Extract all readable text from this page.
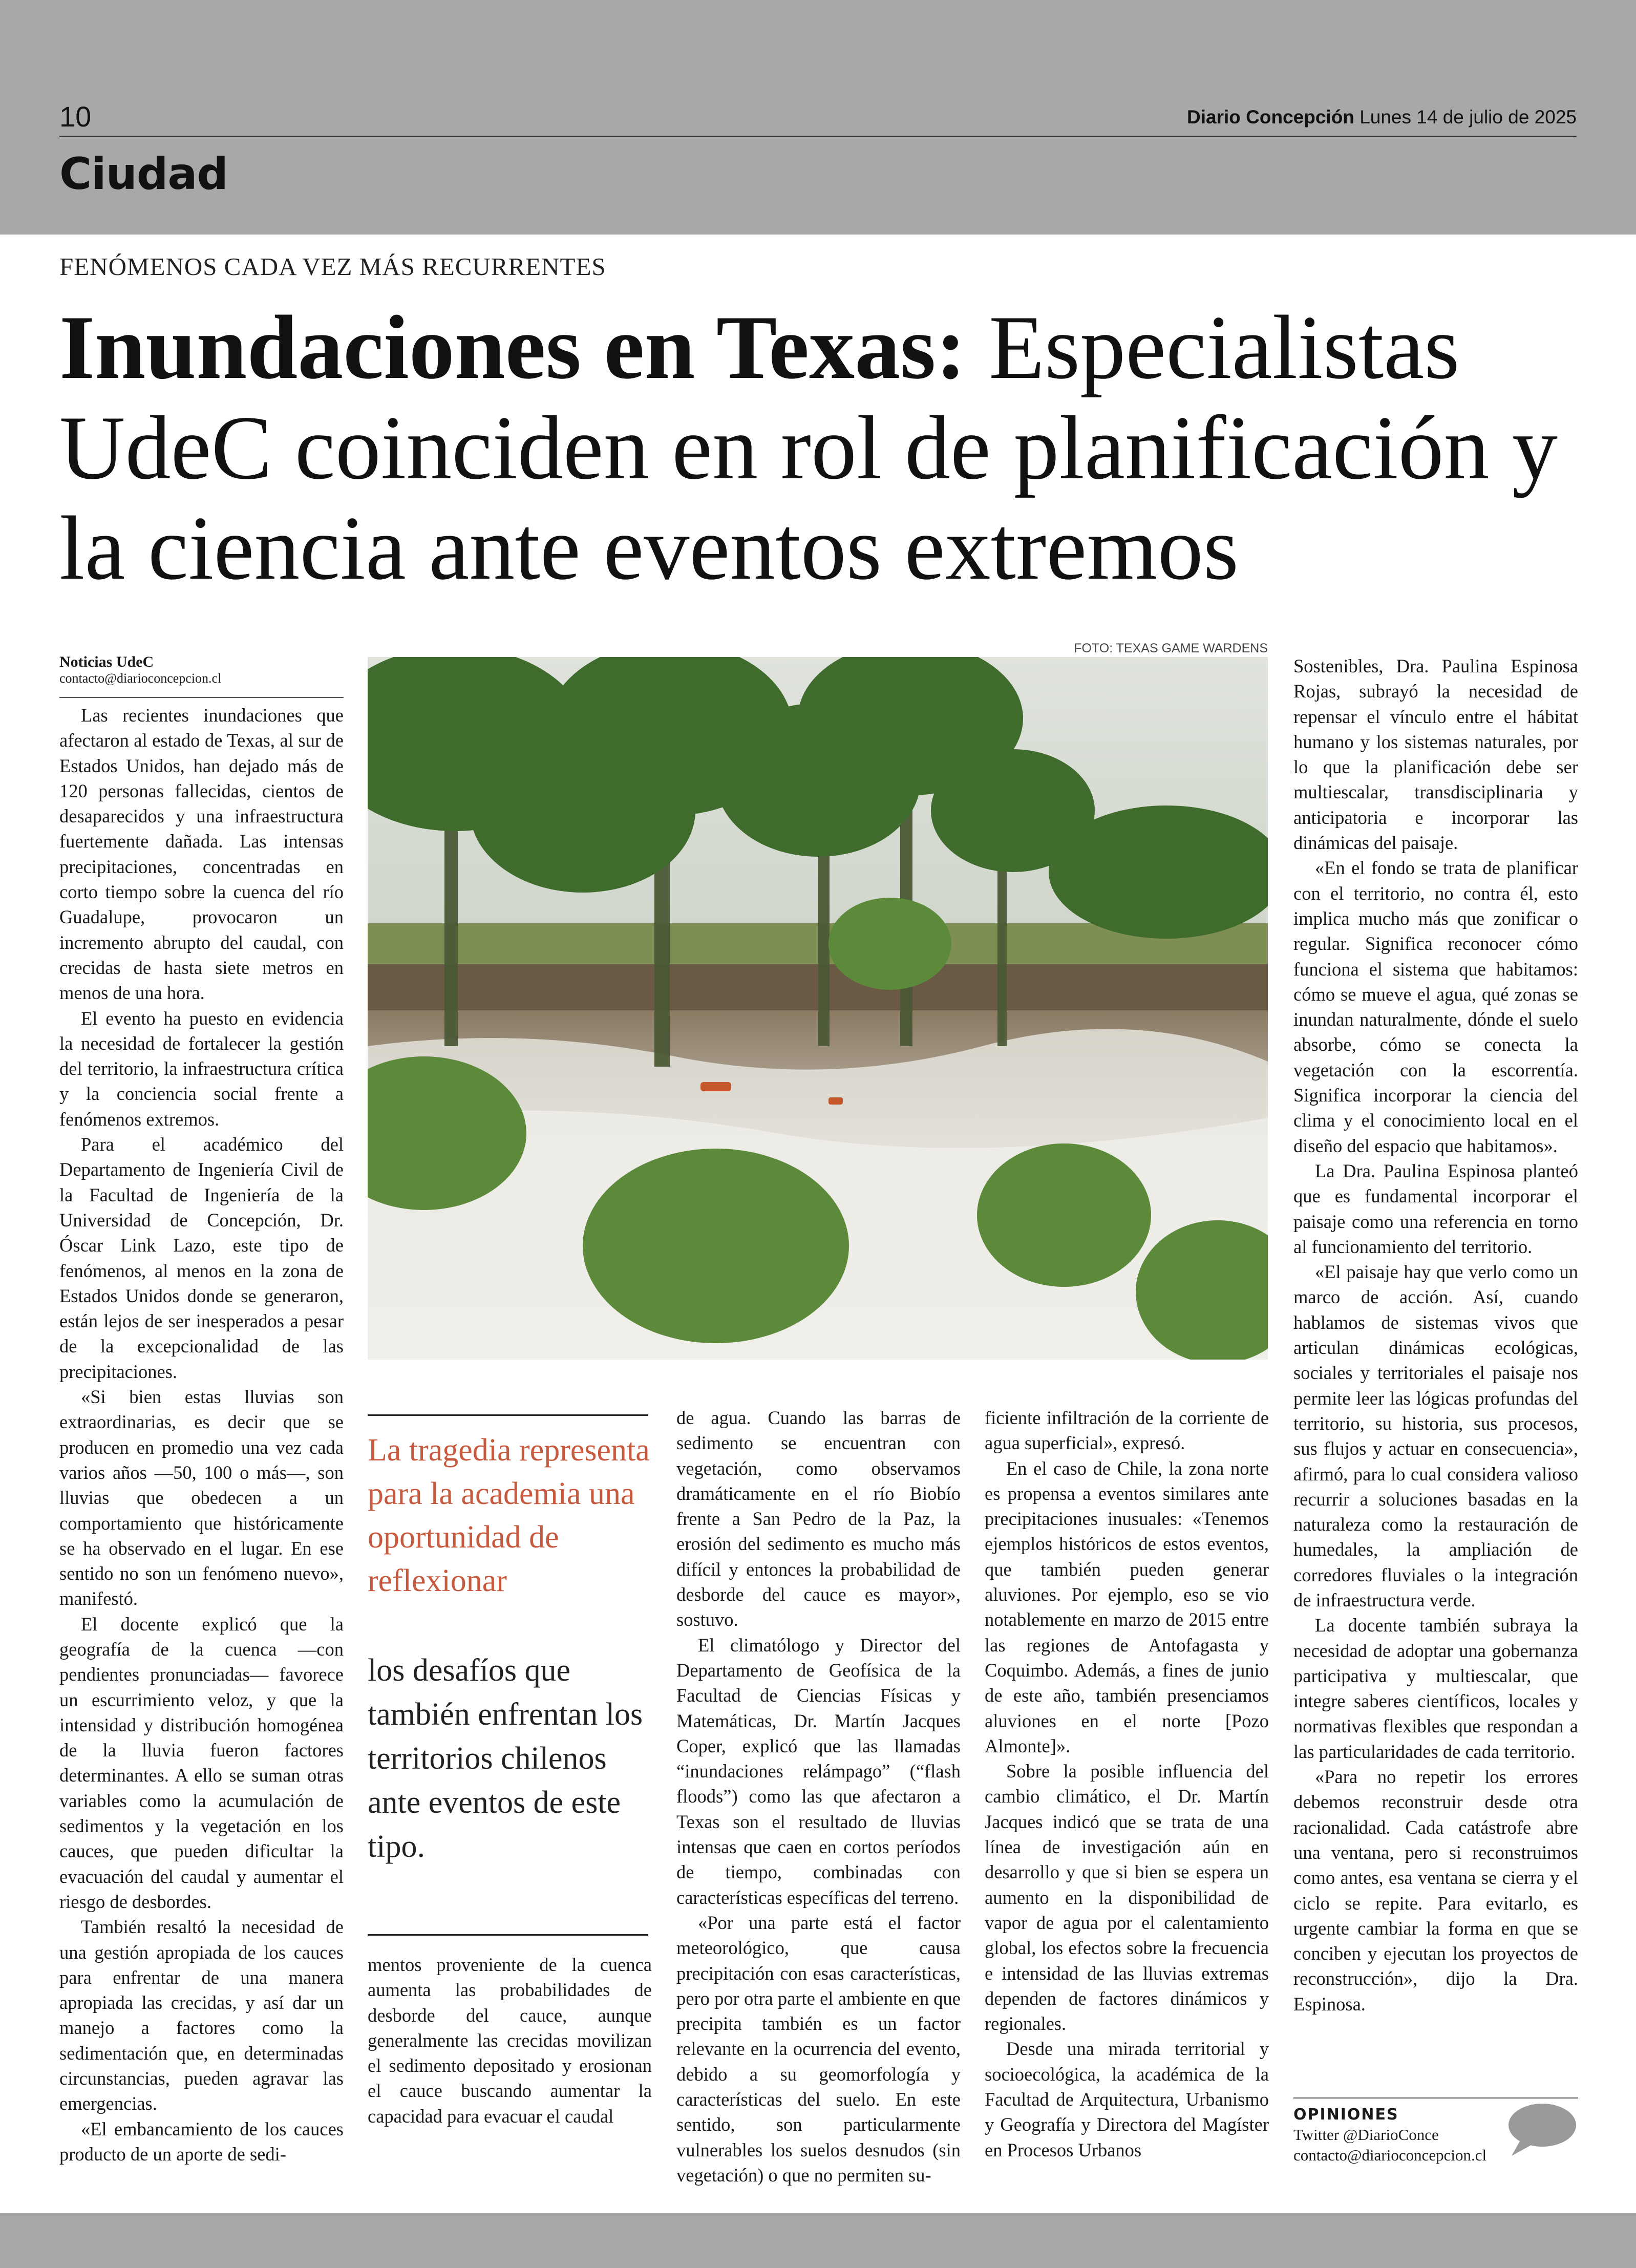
10	Diario Concepción Lunes 14 de julio de 2025
Ciudad
FENÓMENOS CADA VEZ MÁS RECURRENTES
Inundaciones en Texas: Especialistas UdeC coinciden en rol de planificación y la ciencia ante eventos extremos
Noticias UdeC
contacto@diarioconcepcion.cl

Las recientes inundaciones que afectaron al estado de Texas, al sur de Estados Unidos, han dejado más de 120 personas fallecidas, cientos de desaparecidos y una infraestructura fuertemente dañada. Las intensas precipitaciones, concentradas en corto tiempo sobre la cuenca del río Guadalupe, provocaron un incremento abrupto del caudal, con crecidas de hasta siete metros en menos de una hora.

El evento ha puesto en evidencia la necesidad de fortalecer la gestión del territorio, la infraestructura crítica y la conciencia social frente a fenómenos extremos.

Para el académico del Departamento de Ingeniería Civil de la Facultad de Ingeniería de la Universidad de Concepción, Dr. Óscar Link Lazo, este tipo de fenómenos, al menos en la zona de Estados Unidos donde se generaron, están lejos de ser inesperados a pesar de la excepcionalidad de las precipitaciones.

«Si bien estas lluvias son extraordinarias, es decir que se producen en promedio una vez cada varios años —50, 100 o más—, son lluvias que obedecen a un comportamiento que históricamente se ha observado en el lugar. En ese sentido no son un fenómeno nuevo», manifestó.

El docente explicó que la geografía de la cuenca —con pendientes pronunciadas— favorece un escurrimiento veloz, y que la intensidad y distribución homogénea de la lluvia fueron factores determinantes. A ello se suman otras variables como la acumulación de sedimentos y la vegetación en los cauces, que pueden dificultar la evacuación del caudal y aumentar el riesgo de desbordes.

También resaltó la necesidad de una gestión apropiada de los cauces para enfrentar de una manera apropiada las crecidas, y así dar un manejo a factores como la sedimentación que, en determinadas circunstancias, pueden agravar las emergencias.

«El embancamiento de los cauces producto de un aporte de sedi-

FOTO: TEXAS GAME WARDENS
La tragedia representa para la academia una oportunidad de reflexionar
los desafíos que también enfrentan los territorios chilenos ante eventos de este tipo.

mentos proveniente de la cuenca aumenta las probabilidades de desborde del cauce, aunque generalmente las crecidas movilizan el sedimento depositado y erosionan el cauce buscando aumentar la capacidad para evacuar el caudal

de agua. Cuando las barras de sedimento se encuentran con vegetación, como observamos dramáticamente en el río Biobío frente a San Pedro de la Paz, la erosión del sedimento es mucho más difícil y entonces la probabilidad de desborde del cauce es mayor», sostuvo.

El climatólogo y Director del Departamento de Geofísica de la Facultad de Ciencias Físicas y Matemáticas, Dr. Martín Jacques Coper, explicó que las llamadas “inundaciones relámpago” (“flash floods”) como las que afectaron a Texas son el resultado de lluvias intensas que caen en cortos períodos de tiempo, combinadas con características específicas del terreno.

«Por una parte está el factor meteorológico, que causa precipitación con esas características, pero por otra parte el ambiente en que precipita también es un factor relevante en la ocurrencia del evento, debido a su geomorfología y características del suelo. En este sentido, son particularmente vulnerables los suelos desnudos (sin vegetación) o que no permiten su-

ficiente infiltración de la corriente de agua superficial», expresó.

En el caso de Chile, la zona norte es propensa a eventos similares ante precipitaciones inusuales: «Tenemos ejemplos históricos de estos eventos, que también pueden generar aluviones. Por ejemplo, eso se vio notablemente en marzo de 2015 entre las regiones de Antofagasta y Coquimbo. Además, a fines de junio de este año, también presenciamos aluviones en el norte [Pozo Almonte]».

Sobre la posible influencia del cambio climático, el Dr. Martín Jacques indicó que se trata de una línea de investigación aún en desarrollo y que si bien se espera un aumento en la disponibilidad de vapor de agua por el calentamiento global, los efectos sobre la frecuencia e intensidad de las lluvias extremas dependen de factores dinámicos y regionales.

Desde una mirada territorial y socioecológica, la académica de la Facultad de Arquitectura, Urbanismo y Geografía y Directora del Magíster en Procesos Urbanos

Sostenibles, Dra. Paulina Espinosa Rojas, subrayó la necesidad de repensar el vínculo entre el hábitat humano y los sistemas naturales, por lo que la planificación debe ser multiescalar, transdisciplinaria y anticipatoria e incorporar las dinámicas del paisaje.

«En el fondo se trata de planificar con el territorio, no contra él, esto implica mucho más que zonificar o regular. Significa reconocer cómo funciona el sistema que habitamos: cómo se mueve el agua, qué zonas se inundan naturalmente, dónde el suelo absorbe, cómo se conecta la vegetación con la escorrentía. Significa incorporar la ciencia del clima y el conocimiento local en el diseño del espacio que habitamos».

La Dra. Paulina Espinosa planteó que es fundamental incorporar el paisaje como una referencia en torno al funcionamiento del territorio.

«El paisaje hay que verlo como un marco de acción. Así, cuando hablamos de sistemas vivos que articulan dinámicas ecológicas, sociales y territoriales el paisaje nos permite leer las lógicas profundas del territorio, su historia, sus procesos, sus flujos y actuar en consecuencia», afirmó, para lo cual considera valioso recurrir a soluciones basadas en la naturaleza como la restauración de humedales, la ampliación de corredores fluviales o la integración de infraestructura verde.

La docente también subraya la necesidad de adoptar una gobernanza participativa y multiescalar, que integre saberes científicos, locales y normativas flexibles que respondan a las particularidades de cada territorio.

«Para no repetir los errores debemos reconstruir desde otra racionalidad. Cada catástrofe abre una ventana, pero si reconstruimos como antes, esa ventana se cierra y el ciclo se repite. Para evitarlo, es urgente cambiar la forma en que se conciben y ejecutan los proyectos de reconstrucción», dijo la Dra. Espinosa.

OPINIONES
Twitter @DiarioConce
contacto@diarioconcepcion.cl
